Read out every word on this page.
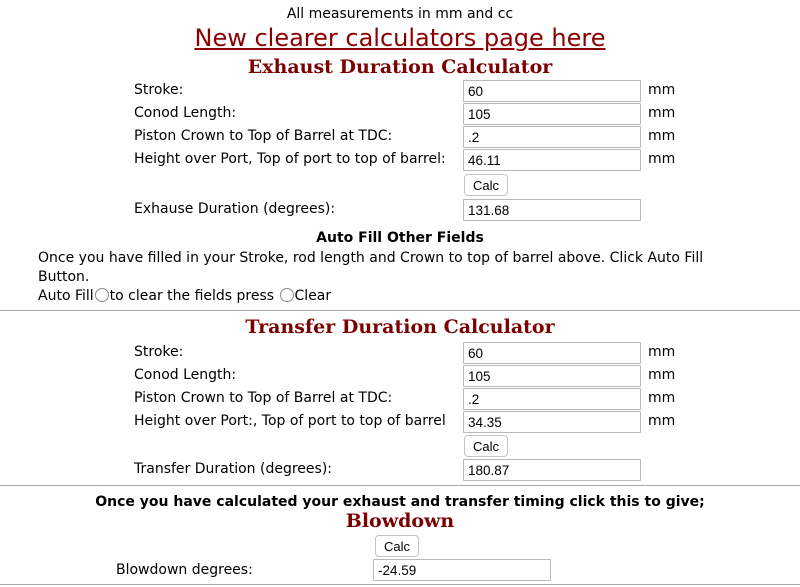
All measurements in mm and cc
New clearer calculators page here
Exhaust Duration Calculator
Stroke:
60	mm
Conod Length:
105	mm
Piston Crown to Top of Barrel at TDC:
.2	mm
Height over Port, Top of port to top of barrel:
46.11	mm
Calc
Exhause Duration (degrees):
131.68
Auto Fill Other Fields
Once you have filled in your Stroke, rod length and Crown to top of barrel above. Click Auto Fill
Button.
Auto Fill to clear the fields press Clear
Transfer Duration Calculator
Stroke:
60	mm
Conod Length:
105	mm
Piston Crown to Top of Barrel at TDC:
.2	mm
Height over Port:, Top of port to top of barrel
34.35	mm
Calc
Transfer Duration (degrees):
180.87
Once you have calculated your exhaust and transfer timing click this to give;
Blowdown
Calc
Blowdown degrees:
-24.59
